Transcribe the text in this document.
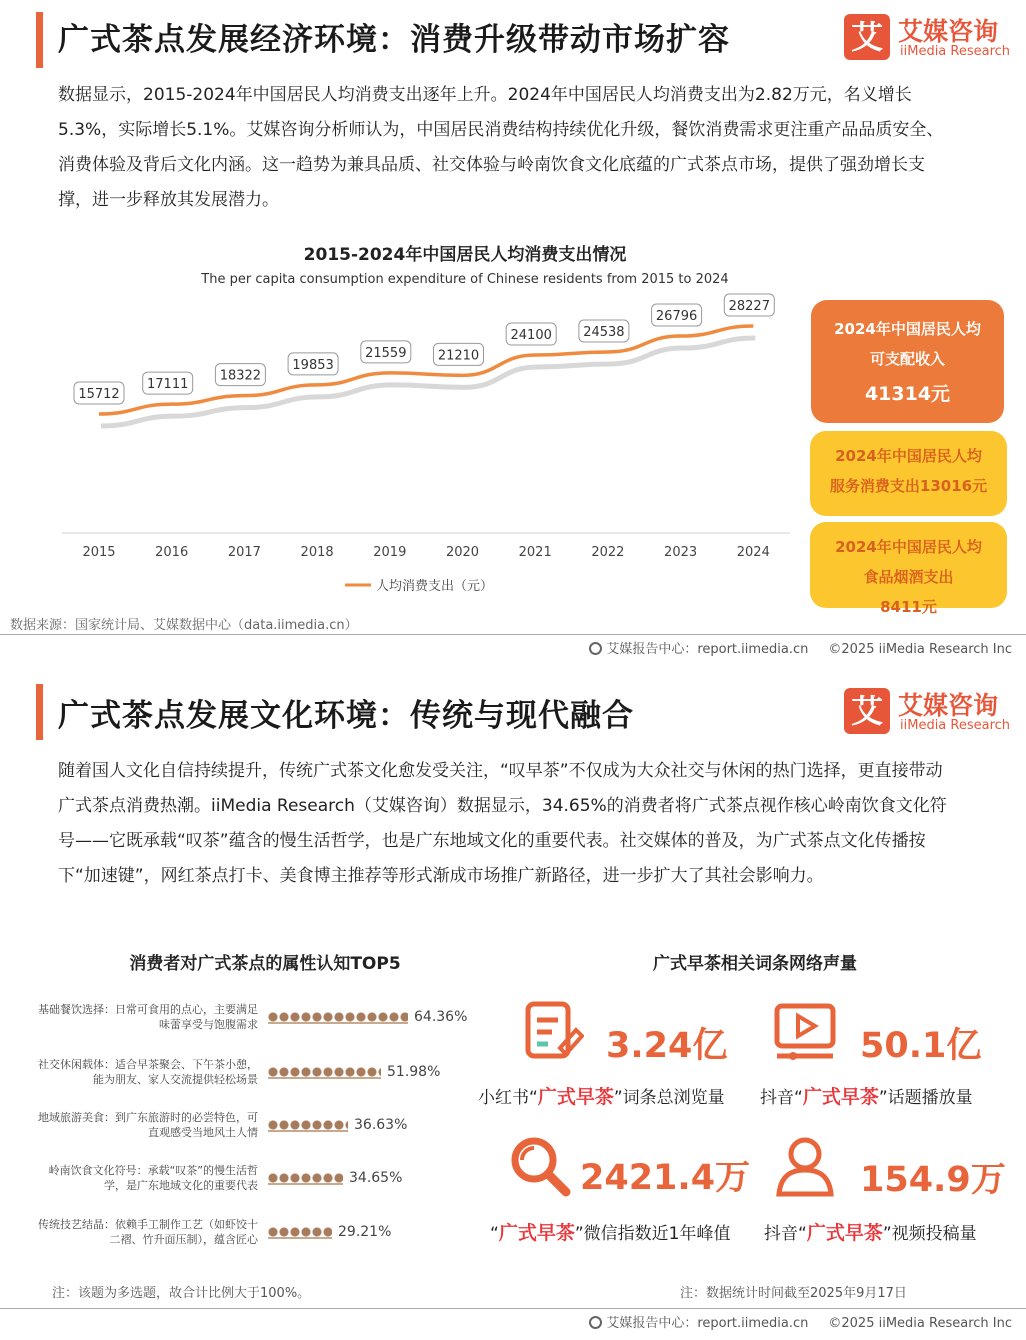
广式茶点发展经济环境：消费升级带动市场扩容	艾 艾媒咨询
iiMedia Research
数据显示，2015-2024年中国居民人均消费支出逐年上升。2024年中国居民人均消费支出为2.82万元，名义增长5.3%，实际增长5.1%。艾媒咨询分析师认为，中国居民消费结构持续优化升级，餐饮消费需求更注重产品品质安全、消费体验及背后文化内涵。这一趋势为兼具品质、社交体验与岭南饮食文化底蕴的广式茶点市场，提供了强劲增长支撑，进一步释放其发展潜力。
2015-2024年中国居民人均消费支出情况
The per capita consumption expenditure of Chinese residents from 2015 to 2024
15712
17111
18322
19853
21559 21210
24100 24538
26796
28227
2015	2016	2017	2018	2019	2020	2021	2022	2023	2024
人均消费支出（元）
2024年中国居民人均
可支配收入
41314元
2024年中国居民人均
服务消费支出13016元
2024年中国居民人均
食品烟酒支出
8411元
数据来源：国家统计局、艾媒数据中心（data.iimedia.cn）
艾媒报告中心：report.iimedia.cn ©2025 iiMedia Research Inc
广式茶点发展文化环境：传统与现代融合	艾 艾媒咨询
iiMedia Research
随着国人文化自信持续提升，传统广式茶文化愈发受关注，“叹早茶”不仅成为大众社交与休闲的热门选择，更直接带动广式茶点消费热潮。iiMedia Research（艾媒咨询）数据显示，34.65%的消费者将广式茶点视作核心岭南饮食文化符号——它既承载“叹茶”蕴含的慢生活哲学，也是广东地域文化的重要代表。社交媒体的普及，为广式茶点文化传播按下“加速键”，网红茶点打卡、美食博主推荐等形式渐成市场推广新路径，进一步扩大了其社会影响力。
消费者对广式茶点的属性认知TOP5
基础餐饮选择：日常可食用的点心，主要满足味蕾享受与饱腹需求	64.36%
社交休闲载体：适合早茶聚会、下午茶小憩，能为朋友、家人交流提供轻松场景	51.98%
地域旅游美食：到广东旅游时的必尝特色，可直观感受当地风土人情	36.63%
岭南饮食文化符号：承载“叹茶”的慢生活哲学，是广东地域文化的重要代表	34.65%
传统技艺结晶：依赖手工制作工艺（如虾饺十二褶、竹升面压制），蕴含匠心	29.21%
注：该题为多选题，故合计比例大于100%。
广式早茶相关词条网络声量
3.24亿
小红书“广式早茶”词条总浏览量
50.1亿
抖音“广式早茶”话题播放量
2421.4万
“广式早茶”微信指数近1年峰值
154.9万
抖音“广式早茶”视频投稿量
注：数据统计时间截至2025年9月17日
艾媒报告中心：report.iimedia.cn ©2025 iiMedia Research Inc
